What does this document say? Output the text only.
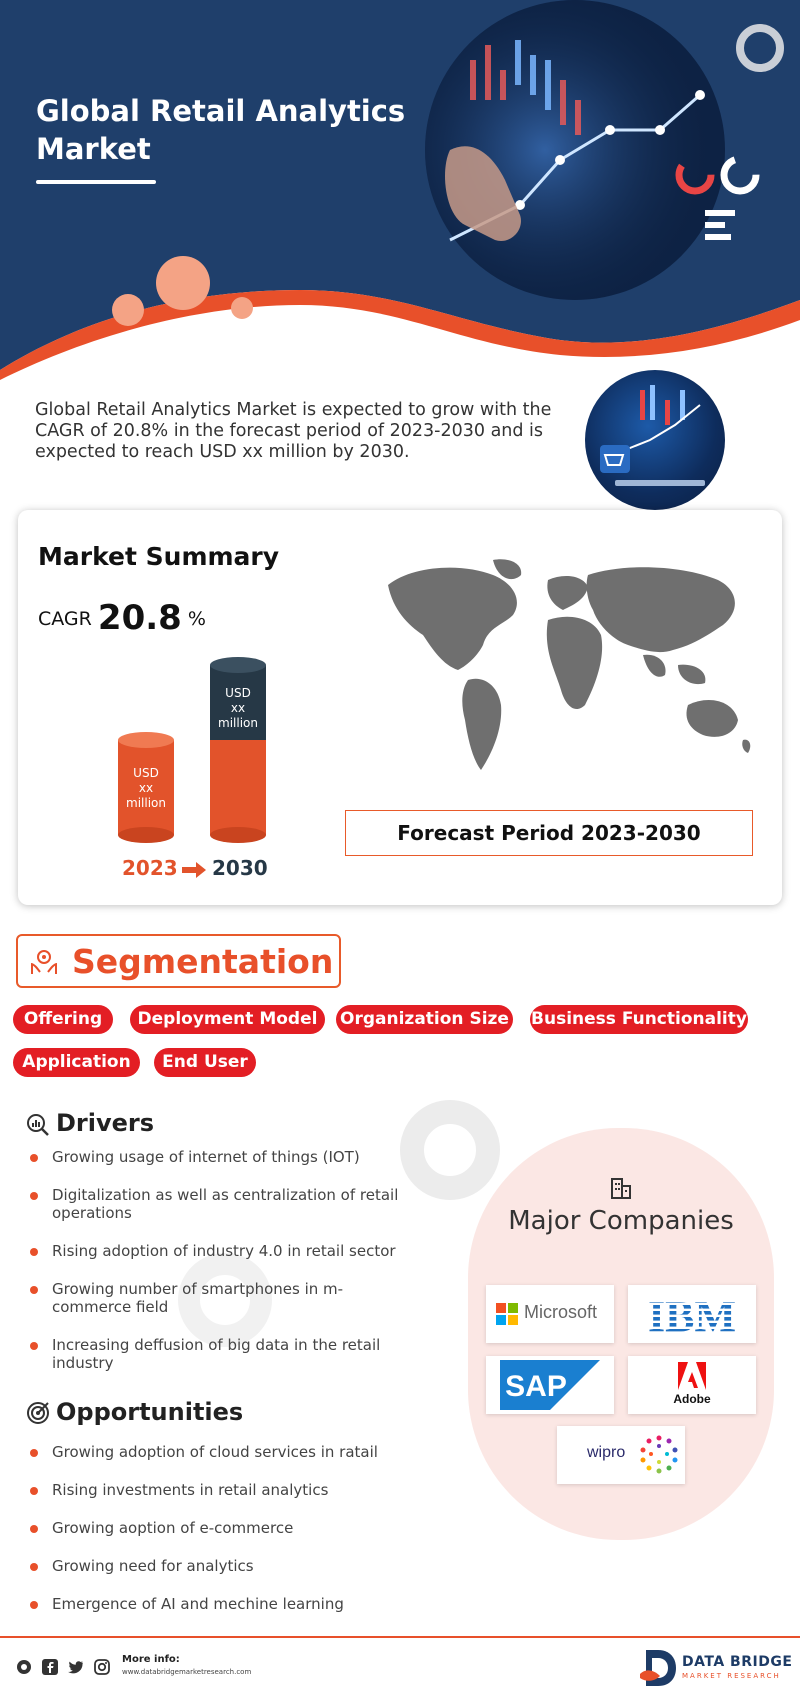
Global Retail Analytics Market
Global Retail Analytics Market is expected to grow with the CAGR of 20.8% in the forecast period of 2023-2030 and is expected to reach USD xx million by 2030.
Market Summary
CAGR 20.8 %
USD
xx
million
USD
xx
million
2023 2030
Forecast Period 2023-2030
Segmentation
Offering	Deployment Model	Organization Size Business Functionality
Application	End User
Drivers
Growing usage of internet of things (IOT)
Digitalization as well as centralization of retail operations
Rising adoption of industry 4.0 in retail sector
Growing number of smartphones in m-commerce field
Increasing deffusion of big data in the retail industry
Opportunities
Growing adoption of cloud services in ratail
Rising investments in retail analytics
Growing aoption of e-commerce
Growing need for analytics
Emergence of AI and mechine learning
Major Companies
Microsoft IBM
SAP	Adobe
wipro
More info:
www.databridgemarketresearch.com
DATA BRIDGE
MARKET RESEARCH
